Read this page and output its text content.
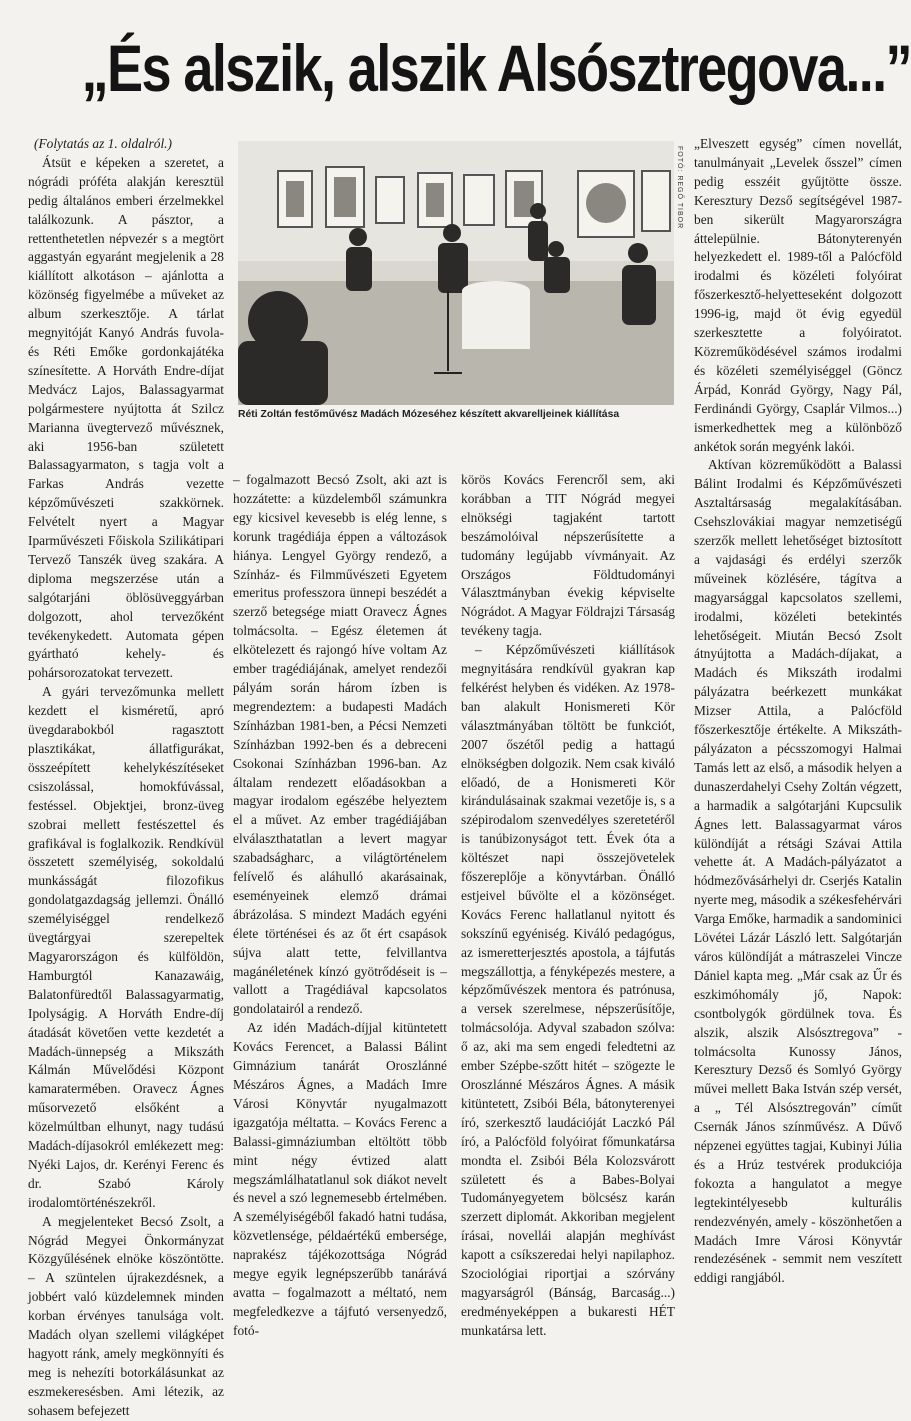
„És alszik, alszik Alsósztregova...”

(Folytatás az 1. oldalról.)

Átsüt e képeken a szeretet, a nógrádi próféta alakján keresztül pedig általános emberi érzelmekkel találkozunk. A pásztor, a rettenthetetlen népvezér s a megtört aggastyán egyaránt megjelenik a 28 kiállított alkotáson – ajánlotta a közönség figyelmébe a műveket az album szerkesztője. A tárlat megnyitóját Kanyó András fuvola- és Réti Emőke gordonkajátéka színesítette. A Horváth Endre-díjat Medvácz Lajos, Balassagyarmat polgármestere nyújtotta át Szilcz Marianna üvegtervező művésznek, aki 1956-ban született Balassagyarmaton, s tagja volt a Farkas András vezette képzőművészeti szakkörnek. Felvételt nyert a Magyar Iparművészeti Főiskola Szilikátipari Tervező Tanszék üveg szakára. A diploma megszerzése után a salgótarjáni öblösüveggyárban dolgozott, ahol tervezőként tevékenykedett. Automata gépen gyártható kehely- és pohársorozatokat tervezett.

A gyári tervezőmunka mellett kezdett el kisméretű, apró üvegdarabokból ragasztott plasztikákat, állatfigurákat, összeépített kehelykészítéseket csiszolással, homokfúvással, festéssel. Objektjei, bronz-üveg szobrai mellett festészettel és grafikával is foglalkozik. Rendkívül összetett személyiség, sokoldalú munkásságát filozofikus gondolatgazdagság jellemzi. Önálló személyiséggel rendelkező üvegtárgyai szerepeltek Magyarországon és külföldön, Hamburgtól Kanazawáig, Balatonfüredtől Balassagyarmatig, Ipolyságig. A Horváth Endre-díj átadását követően vette kezdetét a Madách-ünnepség a Mikszáth Kálmán Művelődési Központ kamaratermében. Oravecz Ágnes műsorvezető elsőként a közelmúltban elhunyt, nagy tudású Madách-díjasokról emlékezett meg: Nyéki Lajos, dr. Kerényi Ferenc és dr. Szabó Károly irodalomtörténészekről.

A megjelenteket Becsó Zsolt, a Nógrád Megyei Önkormányzat Közgyűlésének elnöke köszöntötte. – A szüntelen újrakezdésnek, a jobbért való küzdelemnek minden korban érvényes tanulsága volt. Madách olyan szellemi világképet hagyott ránk, amely megkönnyíti és meg is nehezíti botorkálásunkat az eszmekeresésben. Ami létezik, az sohasem befejezett

FOTÓ: REGŐ TIBOR
Réti Zoltán festőművész Madách Mózeséhez készített akvarelljeinek kiállítása

– fogalmazott Becsó Zsolt, aki azt is hozzátette: a küzdelemből számunkra egy kicsivel kevesebb is elég lenne, s korunk tragédiája éppen a változások hiánya. Lengyel György rendező, a Színház- és Filmművészeti Egyetem emeritus professzora ünnepi beszédét a szerző betegsége miatt Oravecz Ágnes tolmácsolta. – Egész életemen át elkötelezett és rajongó híve voltam Az ember tragédiájának, amelyet rendezői pályám során három ízben is megrendeztem: a budapesti Madách Színházban 1981-ben, a Pécsi Nemzeti Színházban 1992-ben és a debreceni Csokonai Színházban 1996-ban. Az általam rendezett előadásokban a magyar irodalom egészébe helyeztem el a művet. Az ember tragédiájában elválaszthatatlan a levert magyar szabadságharc, a világtörténelem felívelő és aláhulló akarásainak, eseményeinek elemző drámai ábrázolása. S mindezt Madách egyéni élete történései és az őt ért csapások sújva alatt tette, felvillantva magánéletének kínzó gyötrődéseit is – vallott a Tragédiával kapcsolatos gondolatairól a rendező.

Az idén Madách-díjjal kitüntetett Kovács Ferencet, a Balassi Bálint Gimnázium tanárát Oroszlánné Mészáros Ágnes, a Madách Imre Városi Könyvtár nyugalmazott igazgatója méltatta. – Kovács Ferenc a Balassi-gimnáziumban eltöltött több mint négy évtized alatt megszámlálhatatlanul sok diákot nevelt és nevel a szó legnemesebb értelmében. A személyiségéből fakadó hatni tudása, közvetlensége, példaértékű embersége, naprakész tájékozottsága Nógrád megye egyik legnépszerűbb tanárává avatta – fogalmazott a méltató, nem megfeledkezve a tájfutó versenyedző, fotó-

körös Kovács Ferencről sem, aki korábban a TIT Nógrád megyei elnökségi tagjaként tartott beszámolóival népszerűsítette a tudomány legújabb vívmányait. Az Országos Földtudományi Választmányban évekig képviselte Nógrádot. A Magyar Földrajzi Társaság tevékeny tagja.

– Képzőművészeti kiállítások megnyitására rendkívül gyakran kap felkérést helyben és vidéken. Az 1978-ban alakult Honismereti Kör választmányában töltött be funkciót, 2007 őszétől pedig a hattagú elnökségben dolgozik. Nem csak kiváló előadó, de a Honismereti Kör kirándulásainak szakmai vezetője is, s a szépirodalom szenvedélyes szeretetéről is tanúbizonyságot tett. Évek óta a költészet napi összejövetelek főszereplője a könyvtárban. Önálló estjeivel bűvölte el a közönséget. Kovács Ferenc hallatlanul nyitott és sokszínű egyéniség. Kiváló pedagógus, az ismeretterjesztés apostola, a tájfutás megszállottja, a fényképezés mestere, a képzőművészek mentora és patrónusa, a versek szerelmese, népszerűsítője, tolmácsolója. Adyval szabadon szólva: ő az, aki ma sem engedi feledtetni az ember Szépbe-szőtt hitét – szögezte le Oroszlánné Mészáros Ágnes. A másik kitüntetett, Zsibói Béla, bátonyterenyei író, szerkesztő laudációját Laczkó Pál író, a Palócföld folyóirat főmunkatársa mondta el. Zsibói Béla Kolozsvárott született és a Babes-Bolyai Tudományegyetem bölcsész karán szerzett diplomát. Akkoriban megjelent írásai, novellái alapján meghívást kapott a csíkszeredai helyi napilaphoz. Szociológiai riportjai a szórvány magyarságról (Bánság, Barcaság...) eredményeképpen a bukaresti HÉT munkatársa lett.

„Elveszett egység” címen novellát, tanulmányait „Levelek ősszel” címen pedig esszéit gyűjtötte össze. Keresztury Dezső segítségével 1987-ben sikerült Magyarországra áttelepülnie. Bátonyterenyén helyezkedett el. 1989-től a Palócföld irodalmi és közéleti folyóirat főszerkesztő-helyetteseként dolgozott 1996-ig, majd öt évig egyedül szerkesztette a folyóiratot. Közreműködésével számos irodalmi és közéleti személyiséggel (Göncz Árpád, Konrád György, Nagy Pál, Ferdinándi György, Csaplár Vilmos...) ismerkedhettek meg a különböző ankétok során megyénk lakói.

Aktívan közreműködött a Balassi Bálint Irodalmi és Képzőművészeti Asztaltársaság megalakításában. Csehszlovákiai magyar nemzetiségű szerzők mellett lehetőséget biztosított a vajdasági és erdélyi szerzők műveinek közlésére, tágítva a magyarsággal kapcsolatos szellemi, irodalmi, közéleti betekintés lehetőségeit. Miután Becsó Zsolt átnyújtotta a Madách-díjakat, a Madách és Mikszáth irodalmi pályázatra beérkezett munkákat Mizser Attila, a Palócföld főszerkesztője értékelte. A Mikszáth-pályázaton a pécsszomogyi Halmai Tamás lett az első, a második helyen a dunaszerdahelyi Csehy Zoltán végzett, a harmadik a salgótarjáni Kupcsulik Ágnes lett. Balassagyarmat város különdíját a rétsági Szávai Attila vehette át. A Madách-pályázatot a hódmezővásárhelyi dr. Cserjés Katalin nyerte meg, második a székesfehérvári Varga Emőke, harmadik a sandominici Lövétei Lázár László lett. Salgótarján város különdíját a mátraszelei Vincze Dániel kapta meg. „Már csak az Űr és eszkimóhomály jő, Napok: csontbolygók gördülnek tova. És alszik, alszik Alsósztregova” - tolmácsolta Kunossy János, Keresztury Dezső és Somlyó György művei mellett Baka István szép versét, a „ Tél Alsósztregován” címűt Csernák János színművész. A Dűvő népzenei együttes tagjai, Kubinyi Júlia és a Hrúz testvérek produkciója fokozta a hangulatot a megye legtekintélyesebb kulturális rendezvényén, amely - köszönhetően a Madách Imre Városi Könyvtár rendezésének - semmit nem veszített eddigi rangjából.
